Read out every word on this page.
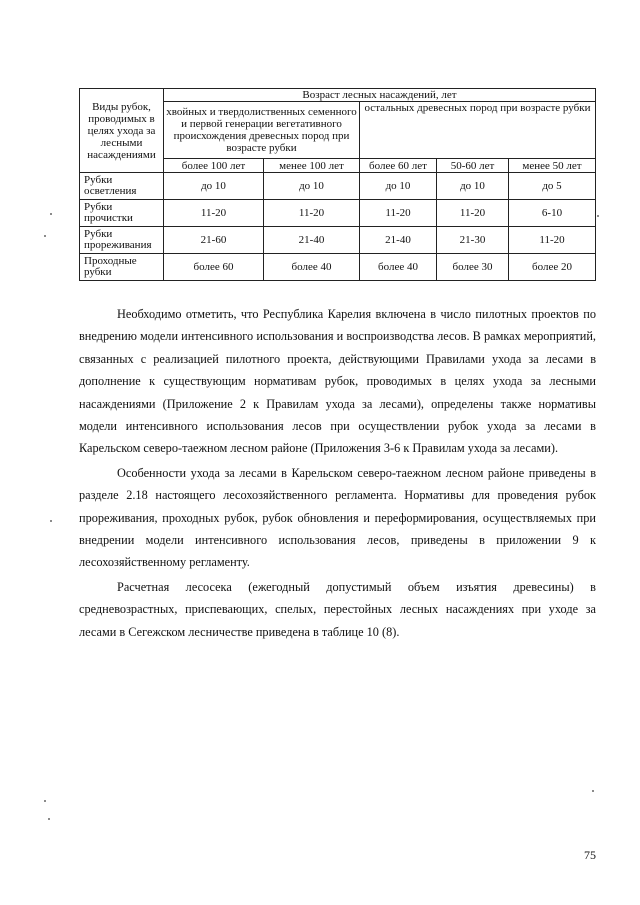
Виды рубок, проводимых в целях ухода за лесными насаждениями	Возраст лесных насаждений, лет				
	хвойных и твердолиственных семенного и первой генерации вегетативного происхождения древесных пород при возрасте рубки		остальных древесных пород при возрасте рубки		
	более 100 лет	менее 100 лет	более 60 лет	50-60 лет	менее 50 лет
Рубки осветления	до 10	до 10	до 10	до 10	до 5
Рубки прочистки	11-20	11-20	11-20	11-20	6-10
Рубки прореживания	21-60	21-40	21-40	21-30	11-20
Проходные рубки	более 60	более 40	более 40	более 30	более 20

Необходимо отметить, что Республика Карелия включена в число пилотных проектов по внедрению модели интенсивного использования и воспроизводства лесов. В рамках мероприятий, связанных с реализацией пилотного проекта, действующими Правилами ухода за лесами в дополнение к существующим нормативам рубок, проводимых в целях ухода за лесными насаждениями (Приложение 2 к Правилам ухода за лесами), определены также нормативы модели интенсивного использования лесов при осуществлении рубок ухода за лесами в Карельском северо-таежном лесном районе (Приложения 3-6 к Правилам ухода за лесами).

Особенности ухода за лесами в Карельском северо-таежном лесном районе приведены в разделе 2.18 настоящего лесохозяйственного регламента. Нормативы для проведения рубок прореживания, проходных рубок, рубок обновления и переформирования, осуществляемых при внедрении модели интенсивного использования лесов, приведены в приложении 9 к лесохозяйственному регламенту.

Расчетная лесосека (ежегодный допустимый объем изъятия древесины) в средневозрастных, приспевающих, спелых, перестойных лесных насаждениях при уходе за лесами в Сегежском лесничестве приведена в таблице 10 (8).

75
